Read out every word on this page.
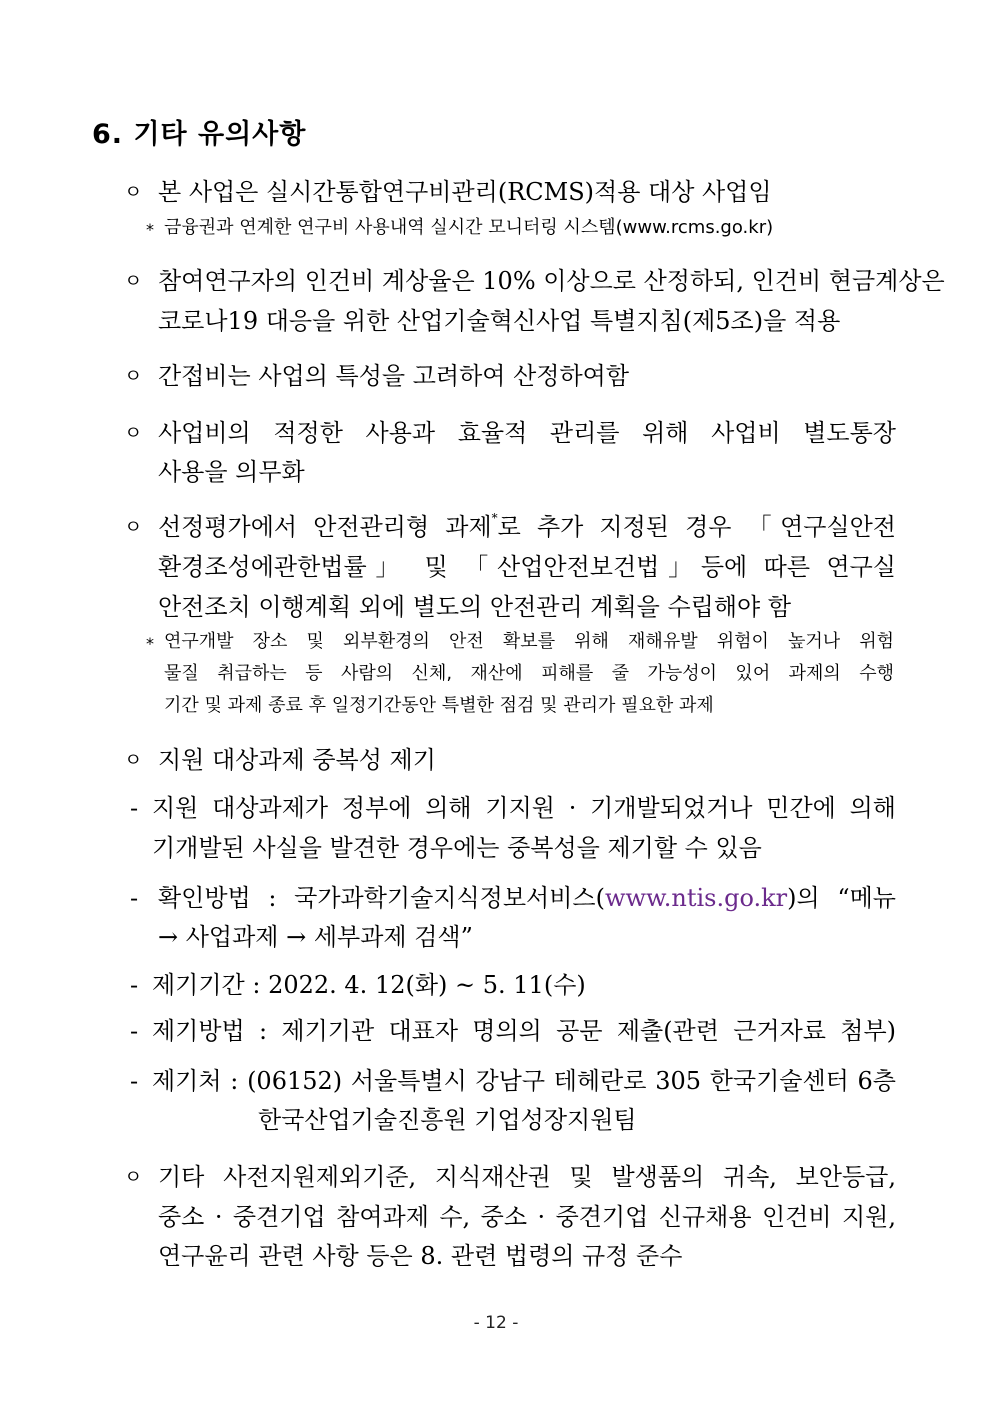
6. 기타 유의사항
ㅇ 본 사업은 실시간통합연구비관리(RCMS)적용 대상 사업임
* 금융권과 연계한 연구비 사용내역 실시간 모니터링 시스템(www.rcms.go.kr)
ㅇ 참여연구자의 인건비 계상율은 10% 이상으로 산정하되, 인건비 현금계상은
코로나19 대응을 위한 산업기술혁신사업 특별지침(제5조)을 적용
ㅇ 간접비는 사업의 특성을 고려하여 산정하여함
ㅇ 사업비의 적정한 사용과 효율적 관리를 위해 사업비 별도통장
사용을 의무화
ㅇ 선정평가에서 안전관리형 과제*로 추가 지정된 경우 「연구실안전
환경조성에관한법률」 및 「산업안전보건법」등에 따른 연구실
안전조치 이행계획 외에 별도의 안전관리 계획을 수립해야 함
* 연구개발 장소 및 외부환경의 안전 확보를 위해 재해유발 위험이 높거나 위험
물질 취급하는 등 사람의 신체, 재산에 피해를 줄 가능성이 있어 과제의 수행
기간 및 과제 종료 후 일정기간동안 특별한 점검 및 관리가 필요한 과제
ㅇ 지원 대상과제 중복성 제기
- 지원 대상과제가 정부에 의해 기지원 · 기개발되었거나 민간에 의해
기개발된 사실을 발견한 경우에는 중복성을 제기할 수 있음
- 확인방법 : 국가과학기술지식정보서비스(www.ntis.go.kr)의 “메뉴
→ 사업과제 → 세부과제 검색”
- 제기기간 : 2022. 4. 12(화) ~ 5. 11(수)
- 제기방법 : 제기기관 대표자 명의의 공문 제출(관련 근거자료 첨부)
- 제기처 : (06152) 서울특별시 강남구 테헤란로 305 한국기술센터 6층
한국산업기술진흥원 기업성장지원팀
ㅇ 기타 사전지원제외기준, 지식재산권 및 발생품의 귀속, 보안등급,
중소 · 중견기업 참여과제 수, 중소 · 중견기업 신규채용 인건비 지원,
연구윤리 관련 사항 등은 8. 관련 법령의 규정 준수
- 12 -
